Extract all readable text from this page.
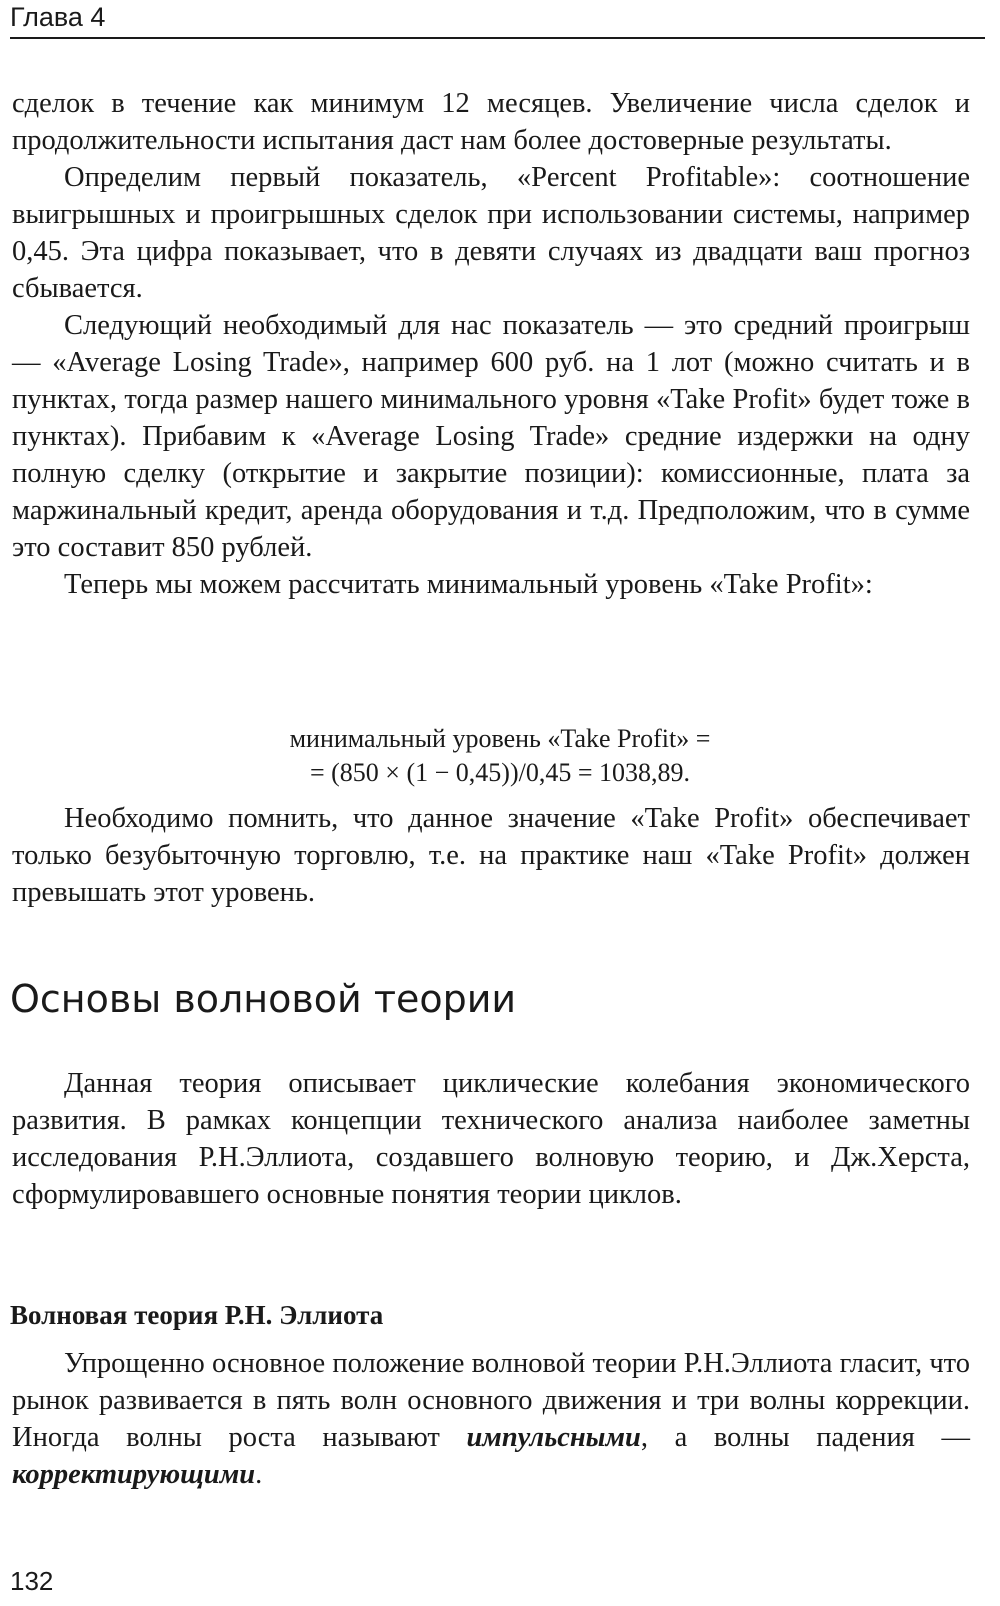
Глава 4

сделок в течение как минимум 12 месяцев. Увеличение числа сделок и продолжительности испытания даст нам более достоверные результаты.

Определим первый показатель, «Percent Profitable»: соотношение выигрышных и проигрышных сделок при использовании системы, например 0,45. Эта цифра показывает, что в девяти случаях из двадцати ваш прогноз сбывается.

Следующий необходимый для нас показатель — это средний проигрыш — «Average Losing Trade», например 600 руб. на 1 лот (можно считать и в пунктах, тогда размер нашего минимального уровня «Take Profit» будет тоже в пунктах). Прибавим к «Average Losing Trade» средние издержки на одну полную сделку (открытие и закрытие позиции): комиссионные, плата за маржинальный кредит, аренда оборудования и т.д. Предположим, что в сумме это составит 850 рублей.

Теперь мы можем рассчитать минимальный уровень «Take Profit»:

минимальный уровень «Take Profit» =
= (850 × (1 − 0,45))/0,45 = 1038,89.

Необходимо помнить, что данное значение «Take Profit» обеспечивает только безубыточную торговлю, т.е. на практике наш «Take Profit» должен превышать этот уровень.

Основы волновой теории

Данная теория описывает циклические колебания экономического развития. В рамках концепции технического анализа наиболее заметны исследования Р.Н.Эллиота, создавшего волновую теорию, и Дж.Херста, сформулировавшего основные понятия теории циклов.

Волновая теория Р.Н. Эллиота

Упрощенно основное положение волновой теории Р.Н.Эллиота гласит, что рынок развивается в пять волн основного движения и три волны коррекции. Иногда волны роста называют импульсными, а волны падения — корректирующими.

132
